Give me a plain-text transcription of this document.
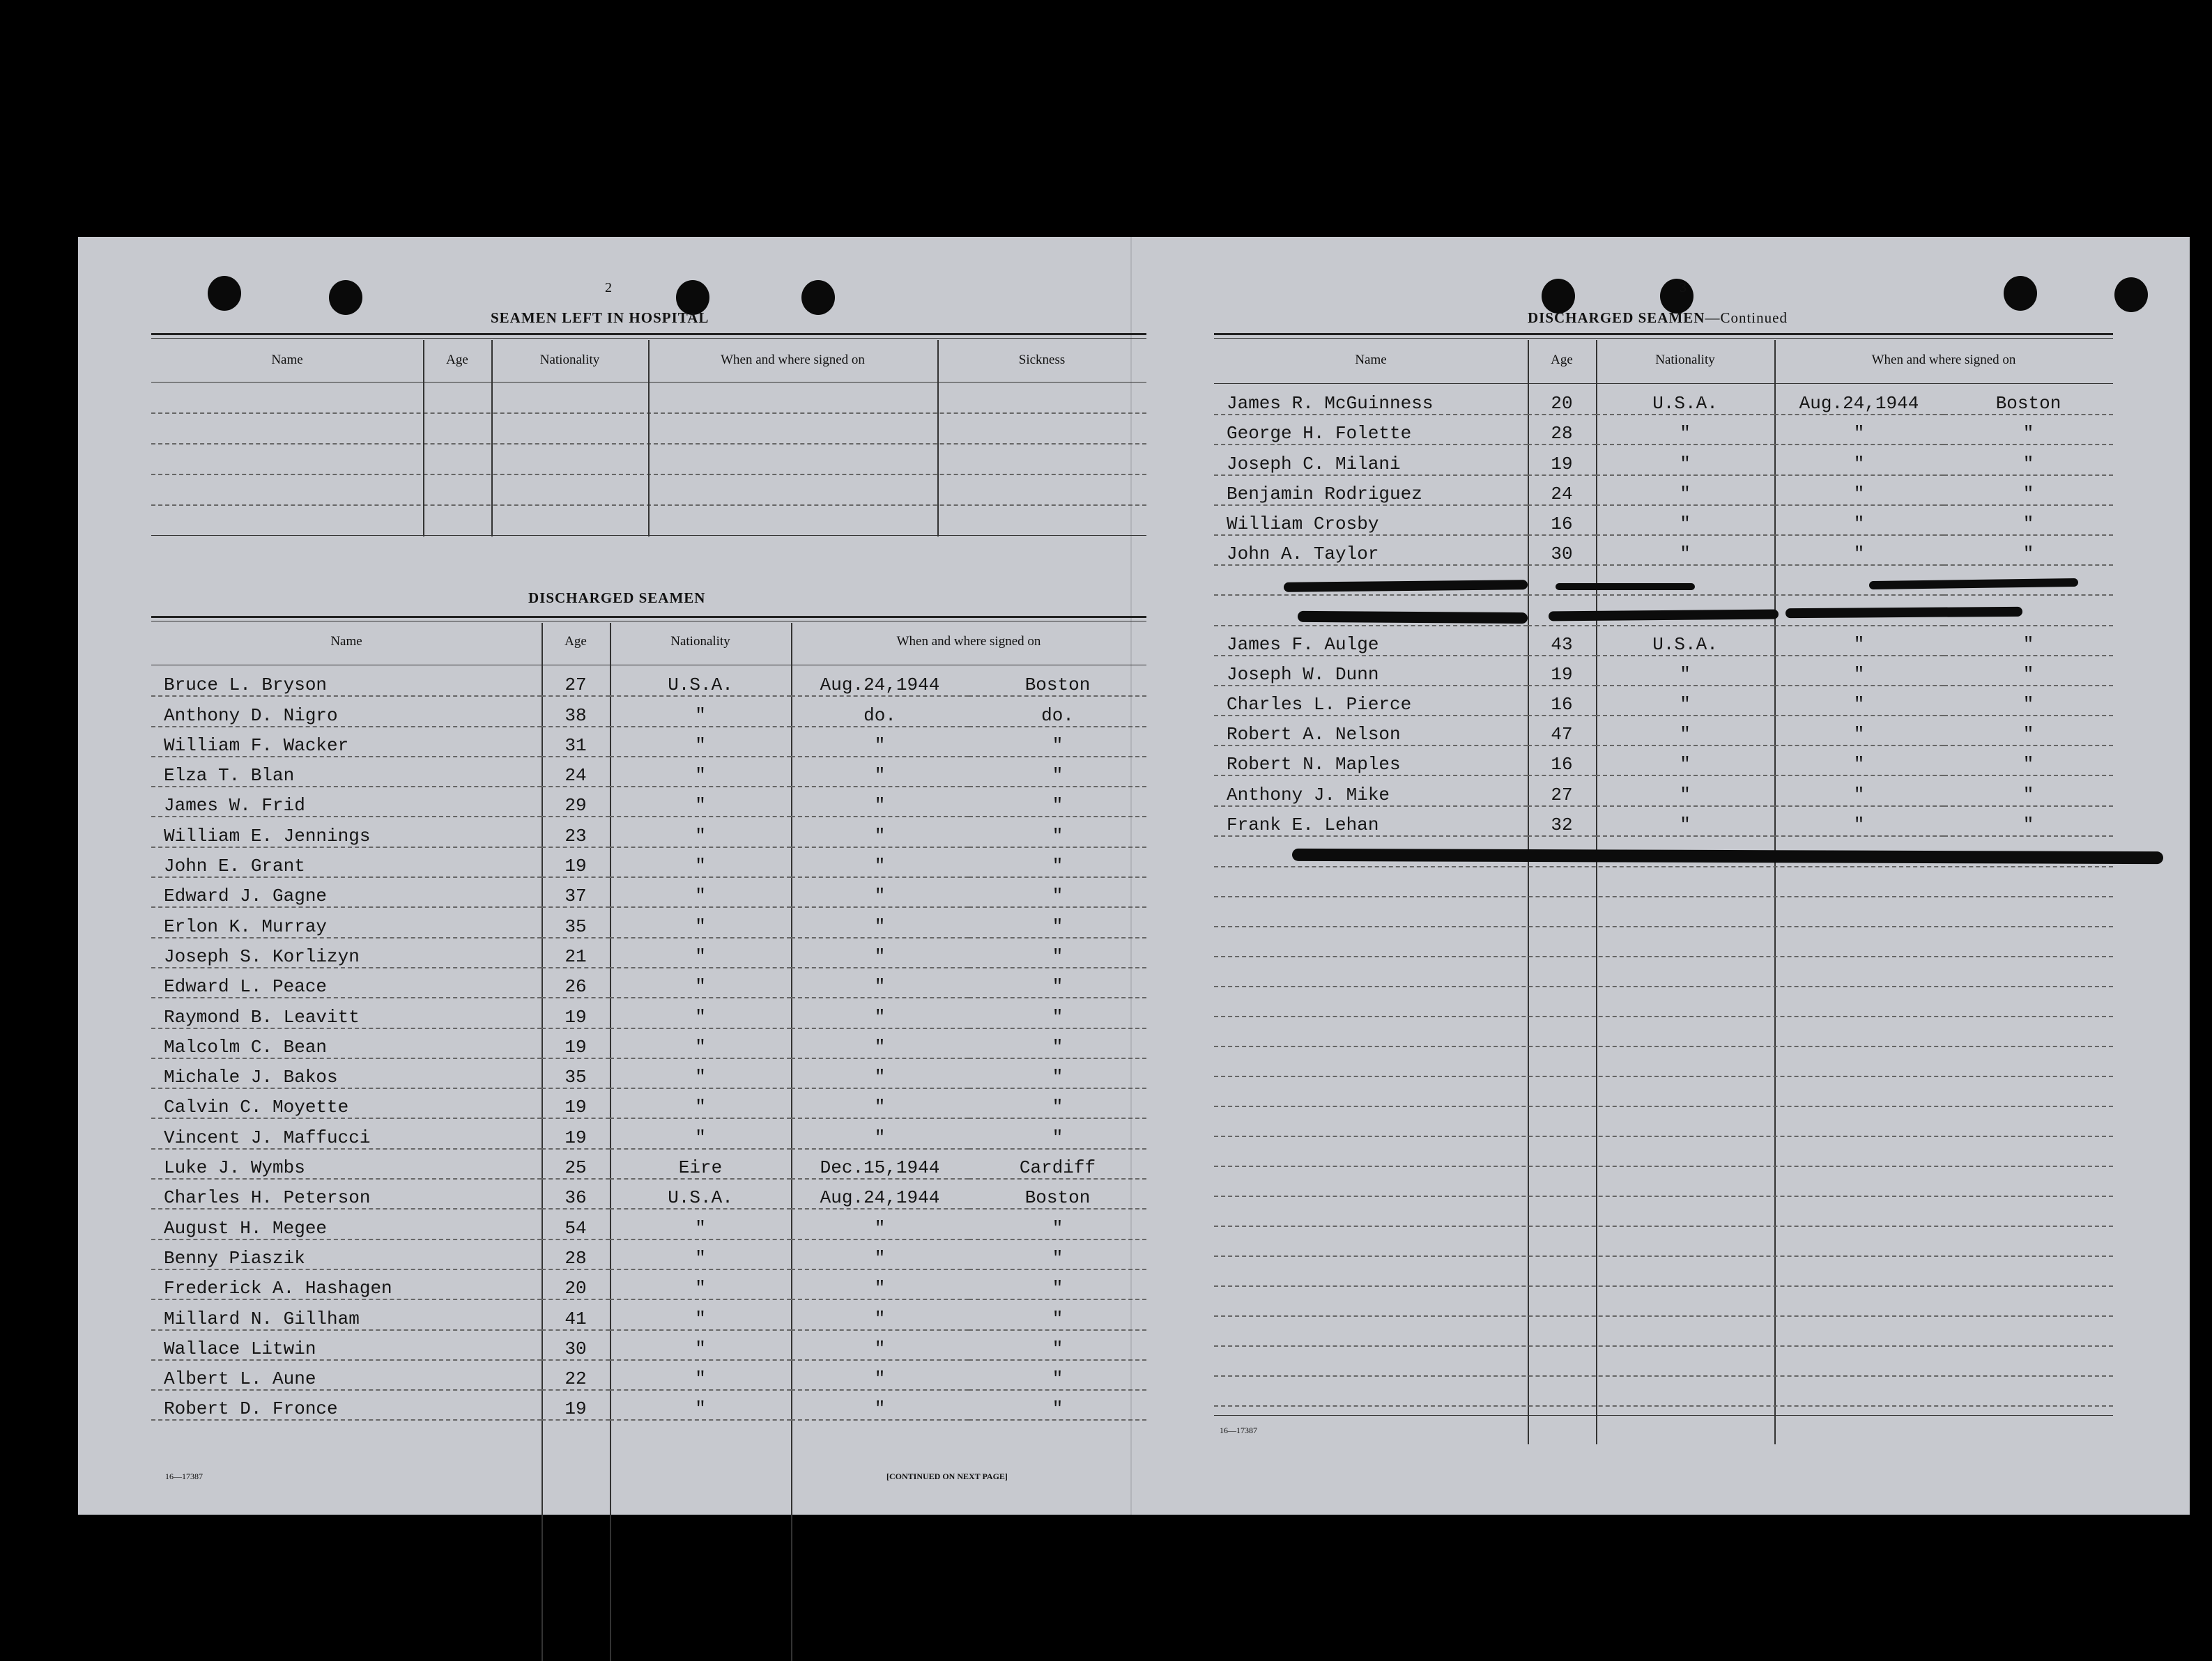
2
SEAMEN LEFT IN HOSPITAL
Name	Age	Nationality	When and where signed on	Sickness
DISCHARGED SEAMEN
Name	Age	Nationality	When and where signed on
Bruce L. Bryson	27	U.S.A.	Aug.24,1944	Boston
Anthony D. Nigro	38	"	do.	do.
William F. Wacker	31	"	"	"
Elza T. Blan	24	"	"	"
James W. Frid	29	"	"	"
William E. Jennings	23	"	"	"
John E. Grant	19	"	"	"
Edward J. Gagne	37	"	"	"
Erlon K. Murray	35	"	"	"
Joseph S. Korlizyn	21	"	"	"
Edward L. Peace	26	"	"	"
Raymond B. Leavitt	19	"	"	"
Malcolm C. Bean	19	"	"	"
Michale J. Bakos	35	"	"	"
Calvin C. Moyette	19	"	"	"
Vincent J. Maffucci	19	"	"	"
Luke J. Wymbs	25	Eire	Dec.15,1944	Cardiff
Charles H. Peterson	36	U.S.A.	Aug.24,1944	Boston
August H. Megee	54	"	"	"
Benny Piaszik	28	"	"	"
Frederick A. Hashagen	20	"	"	"
Millard N. Gillham	41	"	"	"
Wallace Litwin	30	"	"	"
Albert L. Aune	22	"	"	"
Robert D. Fronce	19	"	"	"
16—17387	[CONTINUED ON NEXT PAGE]
3
DISCHARGED SEAMEN—Continued
Name	Age	Nationality	When and where signed on
James R. McGuinness	20	U.S.A.	Aug.24,1944	Boston
George H. Folette	28	"	"	"
Joseph C. Milani	19	"	"	"
Benjamin Rodriguez	24	"	"	"
William Crosby	16	"	"	"
John A. Taylor	30	"	"	"

James F. Aulge	43	U.S.A.	"	"
Joseph W. Dunn	19	"	"	"
Charles L. Pierce	16	"	"	"
Robert A. Nelson	47	"	"	"
Robert N. Maples	16	"	"	"
Anthony J. Mike	27	"	"	"
Frank E. Lehan	32	"	"	"
16—17387
